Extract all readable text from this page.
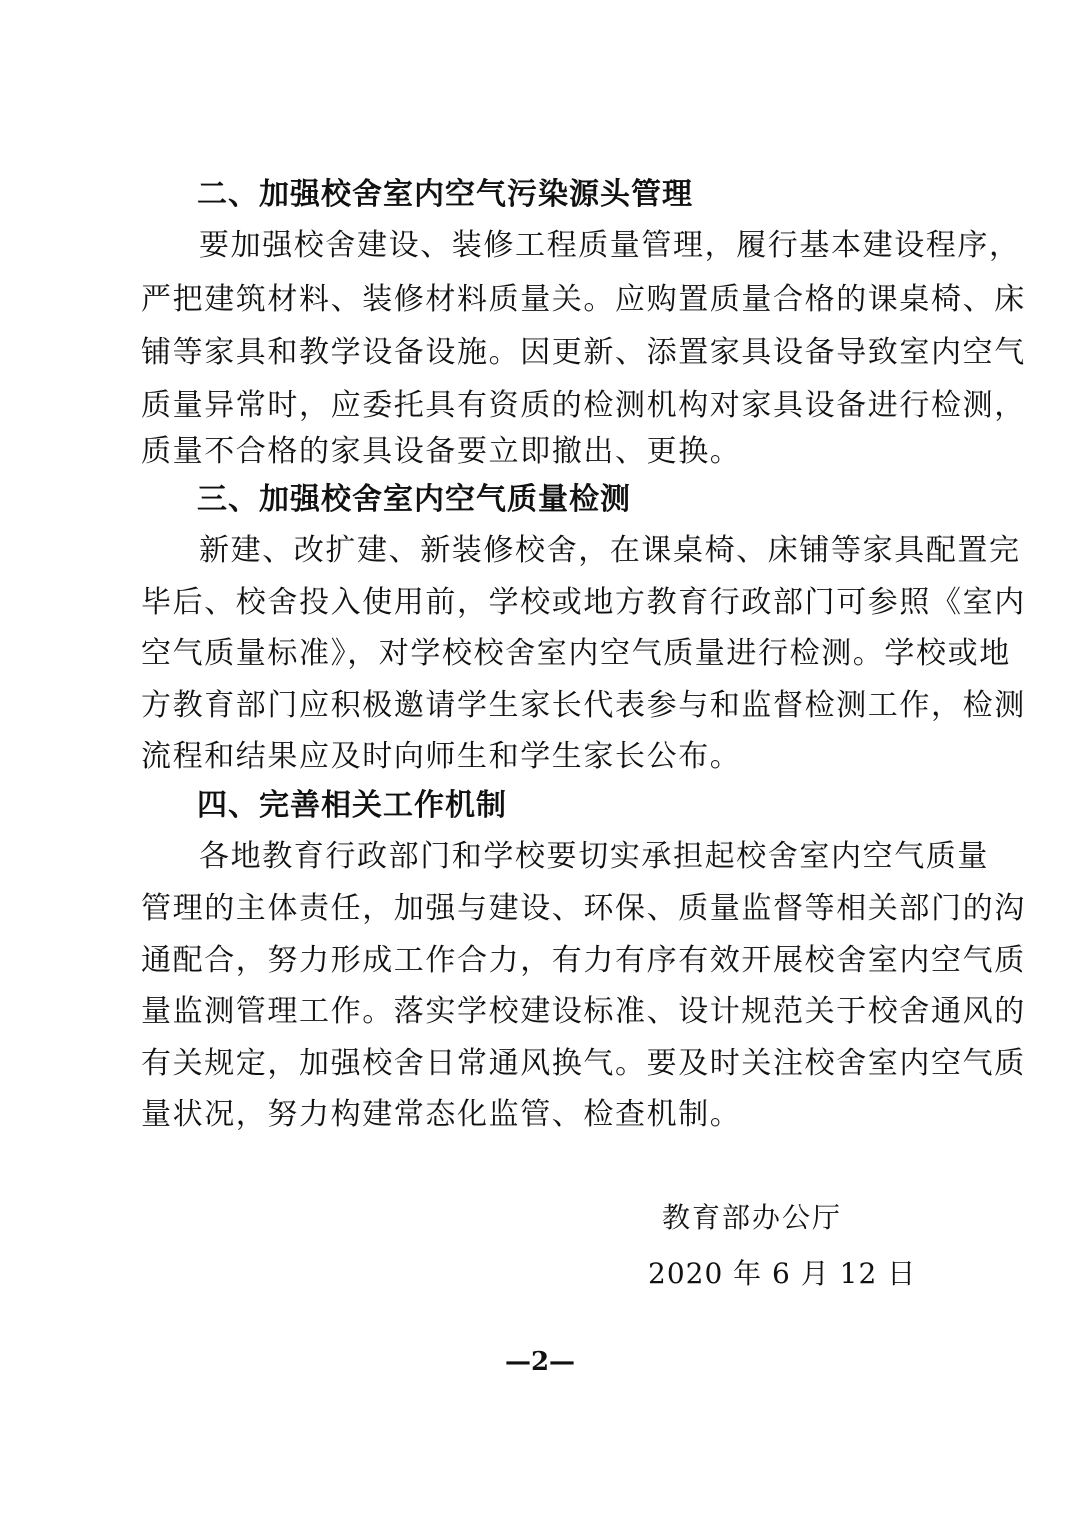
二、加强校舍室内空气污染源头管理
要加强校舍建设、装修工程质量管理，履行基本建设程序，
严把建筑材料、装修材料质量关。应购置质量合格的课桌椅、床
铺等家具和教学设备设施。因更新、添置家具设备导致室内空气
质量异常时，应委托具有资质的检测机构对家具设备进行检测，
质量不合格的家具设备要立即撤出、更换。
三、加强校舍室内空气质量检测
新建、改扩建、新装修校舍，在课桌椅、床铺等家具配置完
毕后、校舍投入使用前，学校或地方教育行政部门可参照《室内
空气质量标准》，对学校校舍室内空气质量进行检测。学校或地
方教育部门应积极邀请学生家长代表参与和监督检测工作，检测
流程和结果应及时向师生和学生家长公布。
四、完善相关工作机制
各地教育行政部门和学校要切实承担起校舍室内空气质量
管理的主体责任，加强与建设、环保、质量监督等相关部门的沟
通配合，努力形成工作合力，有力有序有效开展校舍室内空气质
量监测管理工作。落实学校建设标准、设计规范关于校舍通风的
有关规定，加强校舍日常通风换气。要及时关注校舍室内空气质
量状况，努力构建常态化监管、检查机制。
教育部办公厅
2020 年 6 月 12 日
—2—
